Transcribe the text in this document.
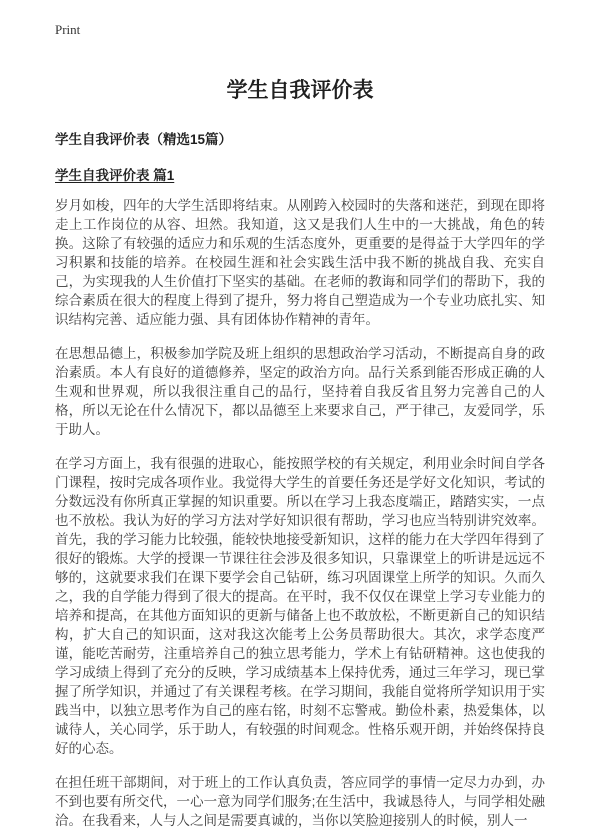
Print
学生自我评价表
学生自我评价表（精选15篇）
学生自我评价表 篇1

岁月如梭，四年的大学生活即将结束。从刚跨入校园时的失落和迷茫，到现在即将走上工作岗位的从容、坦然。我知道，这又是我们人生中的一大挑战，角色的转换。这除了有较强的适应力和乐观的生活态度外，更重要的是得益于大学四年的学习积累和技能的培养。在校园生涯和社会实践生活中我不断的挑战自我、充实自己，为实现我的人生价值打下坚实的基础。在老师的教诲和同学们的帮助下，我的综合素质在很大的程度上得到了提升，努力将自己塑造成为一个专业功底扎实、知识结构完善、适应能力强、具有团体协作精神的青年。

在思想品德上，积极参加学院及班上组织的思想政治学习活动，不断提高自身的政治素质。本人有良好的道德修养，坚定的政治方向。品行关系到能否形成正确的人生观和世界观，所以我很注重自己的品行，坚持着自我反省且努力完善自己的人格，所以无论在什么情况下，都以品德至上来要求自己，严于律己，友爱同学，乐于助人。

在学习方面上，我有很强的进取心，能按照学校的有关规定，利用业余时间自学各门课程，按时完成各项作业。我觉得大学生的首要任务还是学好文化知识，考试的分数远没有你所真正掌握的知识重要。所以在学习上我态度端正，踏踏实实，一点也不放松。我认为好的学习方法对学好知识很有帮助，学习也应当特别讲究效率。首先，我的学习能力比较强，能较快地接受新知识，这样的能力在大学四年得到了很好的锻炼。大学的授课一节课往往会涉及很多知识，只靠课堂上的听讲是远远不够的，这就要求我们在课下要学会自己钻研，练习巩固课堂上所学的知识。久而久之，我的自学能力得到了很大的提高。在平时，我不仅仅在课堂上学习专业能力的培养和提高，在其他方面知识的更新与储备上也不敢放松，不断更新自己的知识结构，扩大自己的知识面，这对我这次能考上公务员帮助很大。其次，求学态度严谨，能吃苦耐劳，注重培养自己的独立思考能力，学术上有钻研精神。这也使我的学习成绩上得到了充分的反映，学习成绩基本上保持优秀，通过三年学习，现已掌握了所学知识，并通过了有关课程考核。在学习期间，我能自觉将所学知识用于实践当中，以独立思考作为自己的座右铭，时刻不忘警戒。勤俭朴素，热爱集体，以诚待人，关心同学，乐于助人，有较强的时间观念。性格乐观开朗，并始终保持良好的心态。

在担任班干部期间，对于班上的工作认真负责，答应同学的事情一定尽力办到，办不到也要有所交代，一心一意为同学们服务;在生活中，我诚恳待人，与同学相处融洽。在我看来，人与人之间是需要真诚的，当你以笑脸迎接别人的时候，别人一
